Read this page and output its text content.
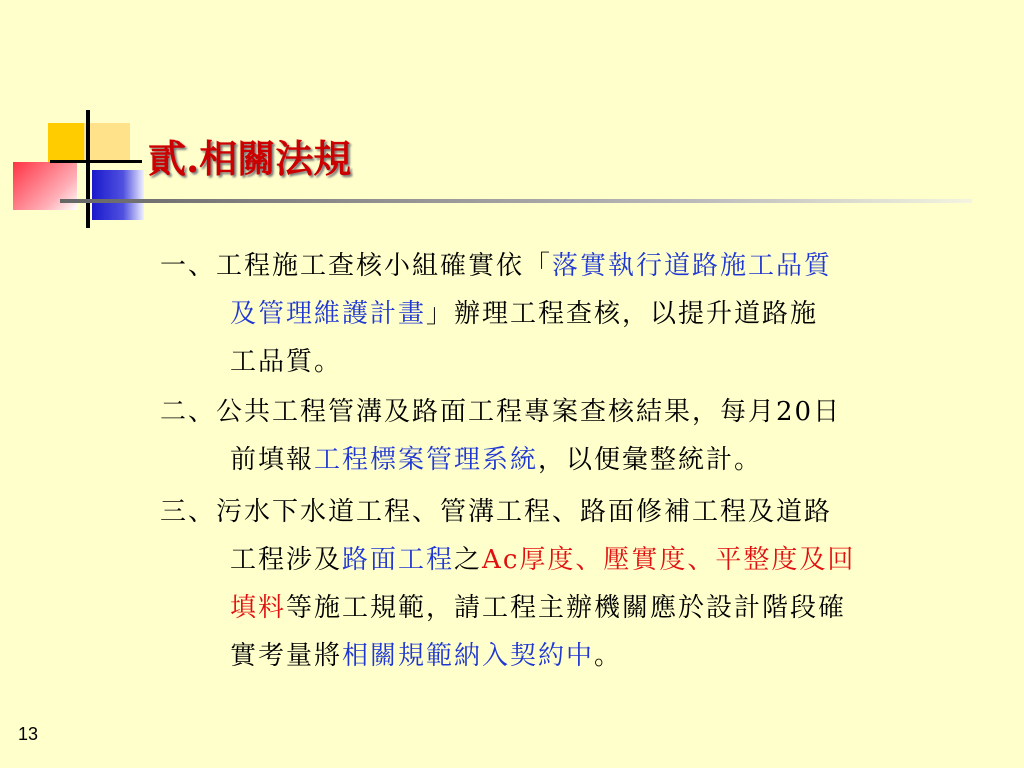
貳.相關法規
一、工程施工查核小組確實依「落實執行道路施工品質
及管理維護計畫」辦理工程查核，以提升道路施
工品質。
二、公共工程管溝及路面工程專案查核結果，每月20日
前填報工程標案管理系統，以便彙整統計。
三、污水下水道工程、管溝工程、路面修補工程及道路
工程涉及路面工程之Ac厚度、壓實度、平整度及回
填料等施工規範，請工程主辦機關應於設計階段確
實考量將相關規範納入契約中。
13
